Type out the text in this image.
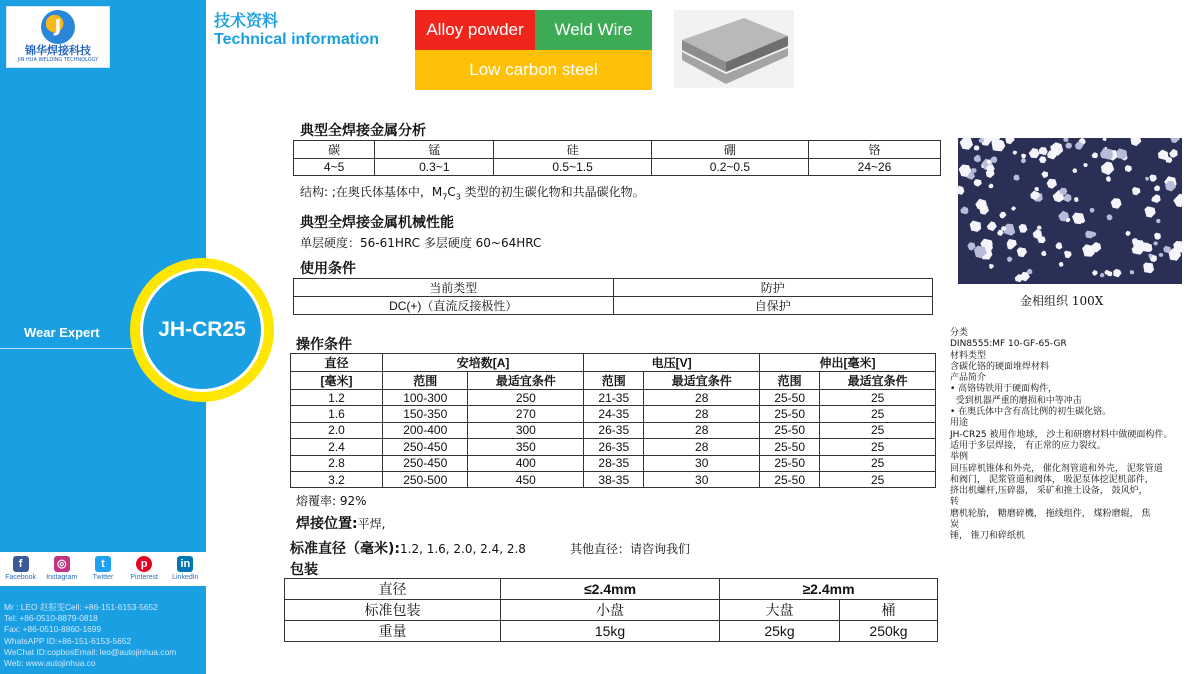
J
锦华焊接科技
JIN HUA WELDING TECHNOLOGY
Wear Expert
f
Facebook
◎
Instagram
t
Twitter
p
Pinterest
in
LinkedIn
Mr : LEO 赵振雯Cell: +86-151-6153-5652
Tel: +86-0510-8879-0818
Fax: +86-0510-8860-1699
WhatsAPP ID:+86-151-6153-5652
WeChat ID:copbosEmail: leo@autojinhua.com
Web: www.autojinhua.co
JH-CR25
技术资料
Technical information
Alloy powder	Weld Wire
Low carbon steel
典型全焊接金属分析
碳	锰	硅	硼	铬
4~5	0.3~1	0.5~1.5	0.2~0.5	24~26
结构: ;在奥氏体基体中，$M_7C_3$ 类型的初生碳化物和共晶碳化物。
典型全焊接金属机械性能
单层硬度：56-61HRC 多层硬度 60~64HRC
使用条件
当前类型	防护
DC(+)（直流反接极性）	自保护
操作条件
直径	安培数[A]		电压[V]		伸出[毫米]	
[毫米]	范围	最适宜条件	范围	最适宜条件	范围	最适宜条件
1.2	100-300	250	21-35	28	25-50	25
1.6	150-350	270	24-35	28	25-50	25
2.0	200-400	300	26-35	28	25-50	25
2.4	250-450	350	26-35	28	25-50	25
2.8	250-450	400	28-35	30	25-50	25
3.2	250-500	450	38-35	30	25-50	25
熔覆率: 92%
焊接位置:平焊,
标准直径（毫米):1.2, 1.6, 2.0, 2.4, 2.8	其他直径：请咨询我们
包装
直径	≤2.4mm	≥2.4mm	
标准包装	小盘	大盘	桶
重量	15kg	25kg	250kg
金相组织 100X
分类
DIN8555:MF 10-GF-65-GR
材料类型
含碳化铬的硬面堆焊材料
产品简介
• 高铬铸铁用于硬面构件，
受到机器严重的磨损和中等冲击
• 在奥氏体中含有高比例的初生碳化铬。
用途
JH-CR25 被用作地球， 沙土和研磨材料中做硬面构件。
适用于多层焊接， 有正常的应力裂纹。
举例
回压碎机锥体和外壳， 催化剂管道和外壳， 泥浆管道
和阀门， 泥浆管道和阀体， 吸泥泵体挖泥机部件，
挤出机螺杆,压碎器， 采矿和推土设备， 鼓风炉，
转
磨机轮胎， 糖磨碎機， 拖线组件， 煤粉磨辊， 焦
炭
锤， 锥刀和碎纸机
